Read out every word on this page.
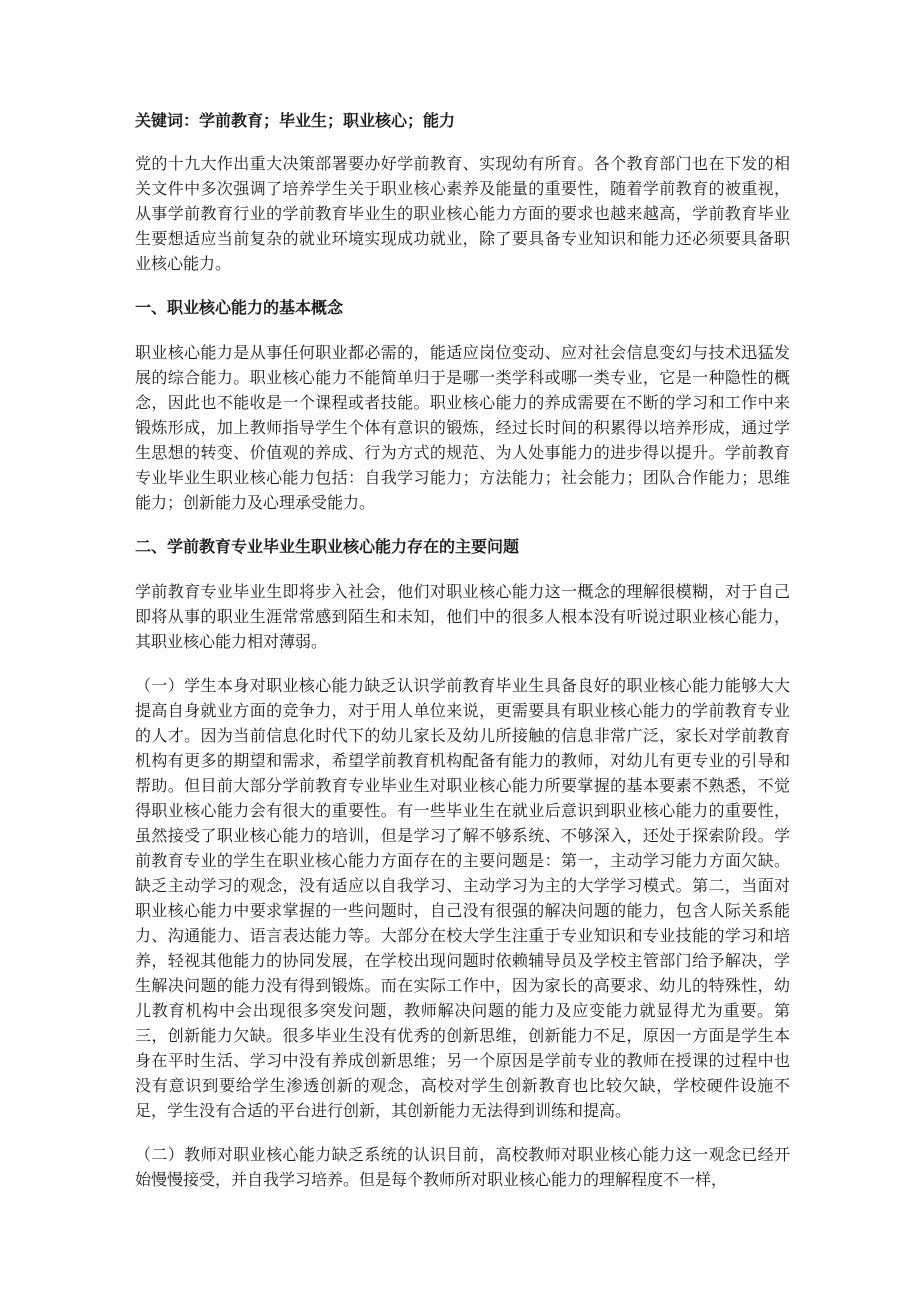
关键词：学前教育；毕业生；职业核心；能力
党的十九大作出重大决策部署要办好学前教育、实现幼有所育。各个教育部门也在下发的相关文件中多次强调了培养学生关于职业核心素养及能量的重要性，随着学前教育的被重视，从事学前教育行业的学前教育毕业生的职业核心能力方面的要求也越来越高，学前教育毕业生要想适应当前复杂的就业环境实现成功就业，除了要具备专业知识和能力还必须要具备职业核心能力。
一、职业核心能力的基本概念
职业核心能力是从事任何职业都必需的，能适应岗位变动、应对社会信息变幻与技术迅猛发展的综合能力。职业核心能力不能简单归于是哪一类学科或哪一类专业，它是一种隐性的概念，因此也不能收是一个课程或者技能。职业核心能力的养成需要在不断的学习和工作中来锻炼形成，加上教师指导学生个体有意识的锻炼，经过长时间的积累得以培养形成，通过学生思想的转变、价值观的养成、行为方式的规范、为人处事能力的进步得以提升。学前教育专业毕业生职业核心能力包括：自我学习能力；方法能力；社会能力；团队合作能力；思维能力；创新能力及心理承受能力。
二、学前教育专业毕业生职业核心能力存在的主要问题
学前教育专业毕业生即将步入社会，他们对职业核心能力这一概念的理解很模糊，对于自己即将从事的职业生涯常常感到陌生和未知，他们中的很多人根本没有听说过职业核心能力，其职业核心能力相对薄弱。
（一）学生本身对职业核心能力缺乏认识学前教育毕业生具备良好的职业核心能力能够大大提高自身就业方面的竞争力，对于用人单位来说，更需要具有职业核心能力的学前教育专业的人才。因为当前信息化时代下的幼儿家长及幼儿所接触的信息非常广泛，家长对学前教育机构有更多的期望和需求，希望学前教育机构配备有能力的教师，对幼儿有更专业的引导和帮助。但目前大部分学前教育专业毕业生对职业核心能力所要掌握的基本要素不熟悉，不觉得职业核心能力会有很大的重要性。有一些毕业生在就业后意识到职业核心能力的重要性，虽然接受了职业核心能力的培训，但是学习了解不够系统、不够深入，还处于探索阶段。学前教育专业的学生在职业核心能力方面存在的主要问题是：第一，主动学习能力方面欠缺。缺乏主动学习的观念，没有适应以自我学习、主动学习为主的大学学习模式。第二，当面对职业核心能力中要求掌握的一些问题时，自己没有很强的解决问题的能力，包含人际关系能力、沟通能力、语言表达能力等。大部分在校大学生注重于专业知识和专业技能的学习和培养，轻视其他能力的协同发展，在学校出现问题时依赖辅导员及学校主管部门给予解决，学生解决问题的能力没有得到锻炼。而在实际工作中，因为家长的高要求、幼儿的特殊性，幼儿教育机构中会出现很多突发问题，教师解决问题的能力及应变能力就显得尤为重要。第三，创新能力欠缺。很多毕业生没有优秀的创新思维，创新能力不足，原因一方面是学生本身在平时生活、学习中没有养成创新思维；另一个原因是学前专业的教师在授课的过程中也没有意识到要给学生渗透创新的观念，高校对学生创新教育也比较欠缺，学校硬件设施不足，学生没有合适的平台进行创新，其创新能力无法得到训练和提高。
（二）教师对职业核心能力缺乏系统的认识目前，高校教师对职业核心能力这一观念已经开始慢慢接受，并自我学习培养。但是每个教师所对职业核心能力的理解程度不一样，
